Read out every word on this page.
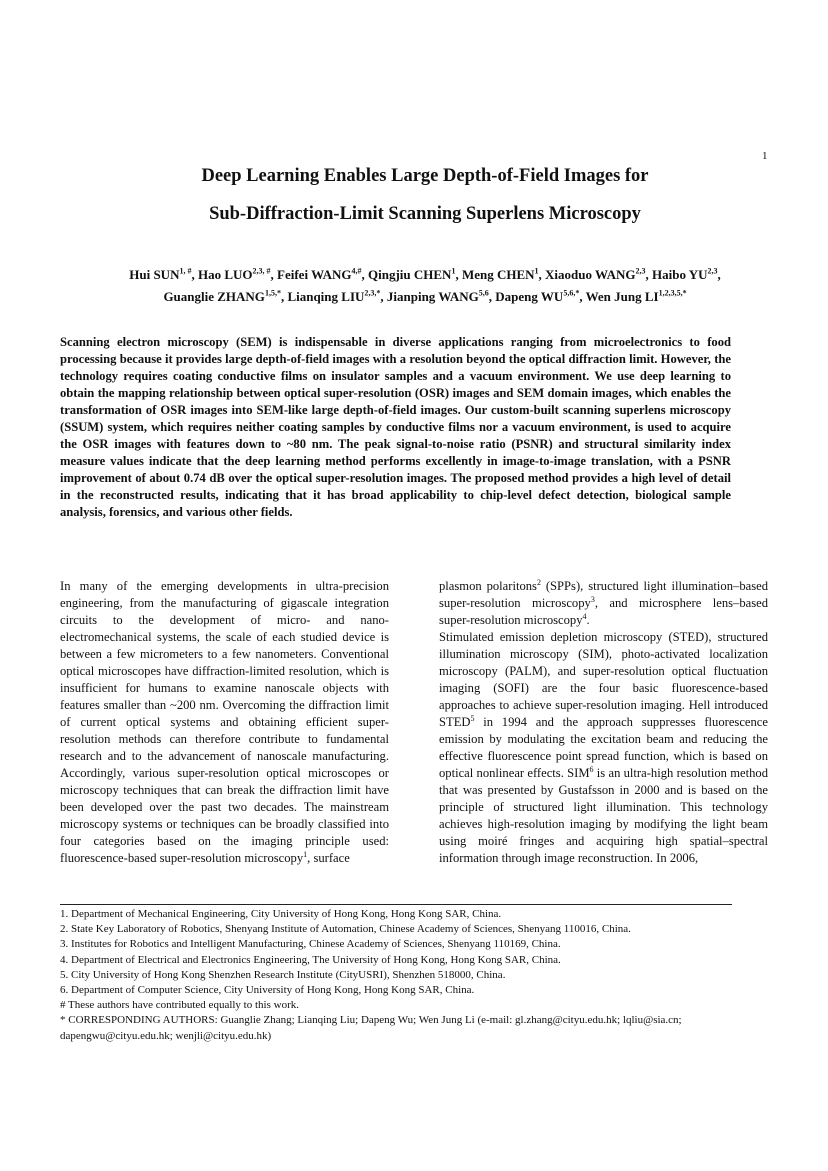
1
Deep Learning Enables Large Depth-of-Field Images for
Sub-Diffraction-Limit Scanning Superlens Microscopy
Hui $SUN^{1, \#}$, Hao $LUO^{2,3, \#}$, Feifei $WANG^{4,\#}$, Qingjiu CHEN$^1$, Meng CHEN$^1$, Xiaoduo WANG$^{2,3}$, Haibo YU$^{2,3}$,
Guanglie $ZHANG^{1,5,*}$, Lianqing $LIU^{2,3,*}$, Jianping WANG$^{5,6}$, Dapeng $WU^{5,6,*}$, Wen Jung $LI^{1,2,3,5,*}$
Scanning electron microscopy (SEM) is indispensable in diverse applications ranging from microelectronics to food processing because it provides large depth-of-field images with a resolution beyond the optical diffraction limit. However, the technology requires coating conductive films on insulator samples and a vacuum environment. We use deep learning to obtain the mapping relationship between optical super-resolution (OSR) images and SEM domain images, which enables the transformation of OSR images into SEM-like large depth-of-field images. Our custom-built scanning superlens microscopy (SSUM) system, which requires neither coating samples by conductive films nor a vacuum environment, is used to acquire the OSR images with features down to ~80 nm. The peak signal-to-noise ratio (PSNR) and structural similarity index measure values indicate that the deep learning method performs excellently in image-to-image translation, with a PSNR improvement of about 0.74 dB over the optical super-resolution images. The proposed method provides a high level of detail in the reconstructed results, indicating that it has broad applicability to chip-level defect detection, biological sample analysis, forensics, and various other fields.

In many of the emerging developments in ultra-precision engineering, from the manufacturing of gigascale integration circuits to the development of micro- and nano-electromechanical systems, the scale of each studied device is between a few micrometers to a few nanometers. Conventional optical microscopes have diffraction-limited resolution, which is insufficient for humans to examine nanoscale objects with features smaller than ~200 nm. Overcoming the diffraction limit of current optical systems and obtaining efficient super-resolution methods can therefore contribute to fundamental research and to the advancement of nanoscale manufacturing. Accordingly, various super-resolution optical microscopes or microscopy techniques that can break the diffraction limit have been developed over the past two decades. The mainstream microscopy systems or techniques can be broadly classified into four categories based on the imaging principle used: fluorescence-based super-resolution microscopy$^1$, surface

plasmon polaritons$^2$ (SPPs), structured light illumination–based super-resolution microscopy$^3$, and microsphere lens–based super-resolution microscopy$^4$.

Stimulated emission depletion microscopy (STED), structured illumination microscopy (SIM), photo-activated localization microscopy (PALM), and super-resolution optical fluctuation imaging (SOFI) are the four basic fluorescence-based approaches to achieve super-resolution imaging. Hell introduced STED$^5$ in 1994 and the approach suppresses fluorescence emission by modulating the excitation beam and reducing the effective fluorescence point spread function, which is based on optical nonlinear effects. SIM$^6$ is an ultra-high resolution method that was presented by Gustafsson in 2000 and is based on the principle of structured light illumination. This technology achieves high-resolution imaging by modifying the light beam using moiré fringes and acquiring high spatial–spectral information through image reconstruction. In 2006,

1. Department of Mechanical Engineering, City University of Hong Kong, Hong Kong SAR, China.
2. State Key Laboratory of Robotics, Shenyang Institute of Automation, Chinese Academy of Sciences, Shenyang 110016, China.
3. Institutes for Robotics and Intelligent Manufacturing, Chinese Academy of Sciences, Shenyang 110169, China.
4. Department of Electrical and Electronics Engineering, The University of Hong Kong, Hong Kong SAR, China.
5. City University of Hong Kong Shenzhen Research Institute (CityUSRI), Shenzhen 518000, China.
6. Department of Computer Science, City University of Hong Kong, Hong Kong SAR, China.
# These authors have contributed equally to this work.
* CORRESPONDING AUTHORS: Guanglie Zhang; Lianqing Liu; Dapeng Wu; Wen Jung Li (e-mail: gl.zhang@cityu.edu.hk; lqliu@sia.cn; dapengwu@cityu.edu.hk; wenjli@cityu.edu.hk)
